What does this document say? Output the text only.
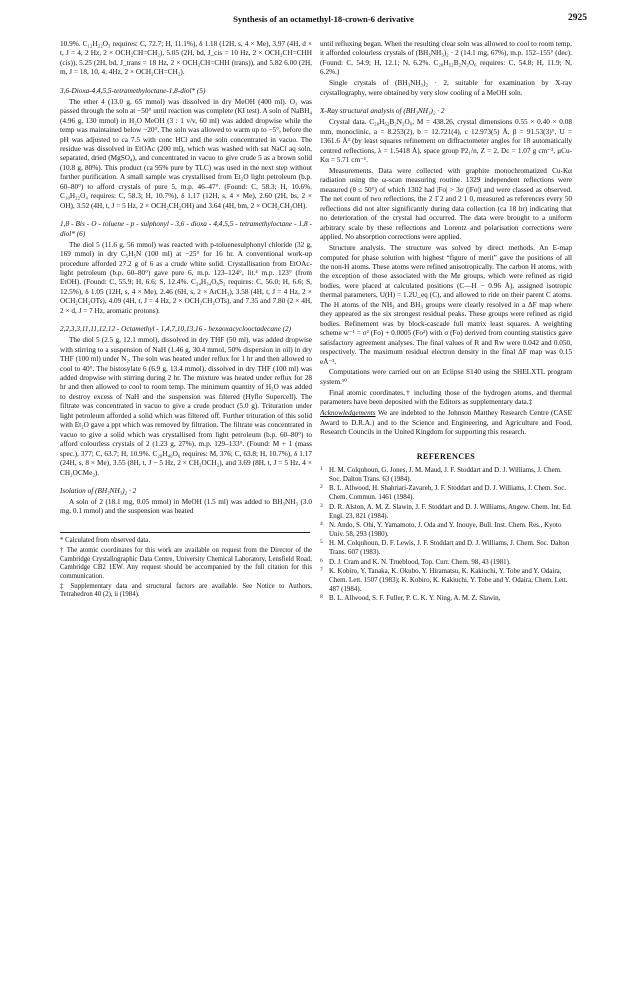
Synthesis of an octamethyl-18-crown-6 derivative	2925

10.9%. C₁₂H₂₂O₃ requires: C, 72.7; H, 11.1%), δ 1.18 (12H, s, 4 × Me), 3.97 (4H, d × t, J = 4, 2 Hz, 2 × OCH₂CH=CH₂), 5.05 (2H, bd, J_cis = 10 Hz, 2 × OCH₂CH=CHH (cis)), 5.25 (2H, bd, J_trans = 18 Hz, 2 × OCH₂CH=CHH (trans)), and 5.82 6.00 (2H, m, J = 18, 10, 4, 4Hz, 2 × OCH₂CH=CH₂).

3,6-Dioxa-4,4,5,5-tetramethyloctane-1,8-diol* (5)

The ether 4 (13.0 g, 65 mmol) was dissolved in dry MeOH (400 ml). O₃ was passed through the soln at −50° until reaction was complete (KI test). A soln of NaBH₄ (4.96 g, 130 mmol) in H₂O MeOH (3 : 1 v/v, 60 ml) was added dropwise while the temp was maintained below −20°. The soln was allowed to warm up to −5°, before the pH was adjusted to ca 7.5 with conc HCl and the soln concentrated in vacuo. The residue was dissolved in EtOAc (200 ml), which was washed with sat NaCl aq soln, separated, dried (MgSO₄), and concentrated in vacuo to give crude 5 as a brown solid (10.8 g, 80%). This product (ca 95% pure by TLC) was used in the next step without further purification. A small sample was crystallised from Et₂O light petroleum (b.p. 60–80°) to afford crystals of pure 5, m.p. 46–47°. (Found: C, 58.3; H, 10.6%. C₁₀H₂₂O₄ requires: C, 58.3; H, 10.7%), δ 1.17 (12H, s, 4 × Me), 2.60 (2H, bs, 2 × OH), 3.52 (4H, t, J = 5 Hz, 2 × OCH₂CH₂OH) and 3.64 (4H, bm, 2 × OCH₂CH₂OH).

1,8 - Bis - O - toluene - p - sulphonyl - 3,6 - dioxa - 4,4,5,5 - tetramethyloctane - 1,8 - diol* (6)

The diol 5 (11.6 g, 56 mmol) was reacted with p-toluenesulphonyl chloride (32 g, 169 mmol) in dry C₅H₅N (100 ml) at −25° for 16 hr. A conventional work-up procedure afforded 27.2 g of 6 as a crude white solid. Crystallisation from EtOAc-light petroleum (b.p. 60–80°) gave pure 6, m.p. 123–124°, lit.⁴ m.p. 123° (from EtOH). (Found: C, 55.9; H, 6.6; S, 12.4%. C₂₄H₃₄O₈S₂ requires: C, 56.0; H, 6.6; S, 12.5%), δ 1.05 (12H, s, 4 × Me), 2.46 (6H, s, 2 × ArCH₃), 3.58 (4H, t, J = 4 Hz, 2 × OCH₂CH₂OTs), 4.09 (4H, t, J = 4 Hz, 2 × OCH₂CH₂OTs), and 7.35 and 7.80 (2 × 4H, 2 × d, J = 7 Hz, aromatic protons).

2,2,3,3,11,11,12,12 - Octamethyl - 1,4,7,10,13,16 - hexaoxacyclooctadecane (2)

The diol 5 (2.5 g, 12.1 mmol), dissolved in dry THF (50 ml), was added dropwise with stirring to a suspension of NaH (1.46 g, 30.4 mmol, 50% dispersion in oil) in dry THF (100 ml) under N₂. The soln was heated under reflux for 1 hr and then allowed to cool to 40°. The bistosylate 6 (6.9 g, 13.4 mmol), dissolved in dry THF (100 ml) was added dropwise with stirring during 2 hr. The mixture was heated under reflux for 28 hr and then allowed to cool to room temp. The minimum quantity of H₂O was added to destroy excess of NaH and the suspension was filtered (Hyflo Supercell). The filtrate was concentrated in vacuo to give a crude product (5.0 g). Trituration under light petroleum afforded a solid which was filtered off. Further trituration of this solid with Et₂O gave a ppt which was removed by filtration. The filtrate was concentrated in vacuo to give a solid which was crystallised from light petroleum (b.p. 60–80°) to afford colourless crystals of 2 (1.23 g, 27%), m.p. 129–133°. (Found: M + 1 (mass spec.), 377; C, 63.7; H, 10.9%. C₂₀H₄₀O₆ requires: M, 376; C, 63.8; H, 10.7%), δ 1.17 (24H, s, 8 × Me), 3.55 (8H, t, J − 5 Hz, 2 × CH₂OCH₂), and 3.69 (8H, t, J = 5 Hz, 4 × CH₂OCMe₂).

Isolation of (BH₃NH₃)₂ · 2

A soln of 2 (18.1 mg, 0.05 mmol) in MeOH (1.5 ml) was added to BH₃NH₃ (3.0 mg, 0.1 mmol) and the suspension was heated

* Calculated from observed data.

† The atomic coordinates for this work are available on request from the Director of the Cambridge Crystallographic Data Centre, University Chemical Laboratory, Lensfield Road, Cambridge CB2 1EW. Any request should be accompanied by the full citation for this communication.

‡ Supplementary data and structural factors are available. See Notice to Authors, Tetrahedron 40 (2), ii (1984).

until refluxing began. When the resulting clear soln was allowed to cool to room temp, it afforded colourless crystals of (BH₃NH₃)₂ · 2 (14.1 mg, 67%), m.p. 152–155° (dec). (Found: C, 54.9; H, 12.1; N, 6.2%. C₂₀H₅₂B₂N₂O₆ requires: C, 54.8; H, 11.9; N, 6.2%.)

Single crystals of (BH₃NH₃)₂ · 2, suitable for examination by X-ray crystallography, were obtained by very slow cooling of a MeOH soln.

X-Ray structural analysis of (BH₃NH₃)₂ · 2

Crystal data. C₂₀H₅₂B₂N₂O₆, M = 438.26, crystal dimensions 0.55 × 0.40 × 0.08 mm, monoclinic, a = 8.253(2), b = 12.721(4), c 12.973(5) Å, β = 91.53(3)°, U = 1361.6 Å³ (by least squares refinement on diffractometer angles for 18 automatically centred reflections, λ = 1.5418 Å), space group P2₁/n, Z = 2, Dc = 1.07 g cm⁻³, μCu-Kα = 5.71 cm⁻¹.

Measurements. Data were collected with graphite monochromatized Cu-Kα radiation using the ω-scan measuring routine. 1329 independent reflections were measured (θ ≤ 50°) of which 1302 had |Fo| > 3σ (|Fo|) and were classed as observed. The net count of two reflections, the 2 1̄ 2 and 2 1 0, measured as references every 50 reflections did not alter significantly during data collection (ca 18 hr) indicating that no deterioration of the crystal had occurred. The data were brought to a uniform arbitrary scale by these reflections and Lorentz and polarisation corrections were applied. No absorption corrections were applied.

Structure analysis. The structure was solved by direct methods. An E-map computed for phase solution with highest “figure of merit” gave the positions of all the non-H atoms. These atoms were refined anisotropically. The carbon H atoms, with the exception of those associated with the Me groups, which were refined as rigid bodies, were placed at calculated positions (C—H − 0.96 Å), assigned isotropic thermal parameters, U(H) = 1.2U_eq (C), and allowed to ride on their parent C atoms. The H atoms of the NH₃ and BH₃ groups were clearly resolved in a ΔF map where they appeared as the six strongest residual peaks. These groups were refined as rigid bodies. Refinement was by block-cascade full matrix least squares. A weighting scheme w⁻¹ = σ² (Fo) + 0.0005 (Fo²) with σ (Fo) derived from counting statistics gave satisfactory agreement analyses. The final values of R and Rw were 0.042 and 0.050, respectively. The maximum residual electron density in the final ΔF map was 0.15 eÅ⁻³.

Computations were carried out on an Eclipse S140 using the SHELXTL program system.¹⁰

Final atomic coordinates,† including those of the hydrogen atoms, and thermal parameters have been deposited with the Editors as supplementary data.‡

Acknowledgements We are indebted to the Johnson Matthey Research Centre (CASE Award to D.R.A.) and to the Science and Engineering, and Agriculture and Food, Research Councils in the United Kingdom for supporting this research.

REFERENCES
1 H. M. Colquhoun, G. Jones, J. M. Maud, J. F. Stoddart and D. J. Williams, J. Chem. Soc. Dalton Trans. 63 (1984).
2 B. L. Allwood, H. Shahriari-Zavareh, J. F. Stoddart and D. J. Williams, J. Chem. Soc. Chem. Commun. 1461 (1984).
3 D. R. Alston, A. M. Z. Slawin, J. F. Stoddart and D. J. Williams, Angew. Chem. Int. Ed. Engl. 23, 821 (1984).
4 N. Ando, S. Ohi, Y. Yamamoto, J. Oda and Y. Inouye, Bull. Inst. Chem. Res., Kyoto Univ. 58, 293 (1980).
5 H. M. Colquhoun, D. F. Lewis, J. F. Stoddart and D. J. Williams, J. Chem. Soc. Dalton Trans. 607 (1983).
6 D. J. Cram and K. N. Trueblood, Top. Curr. Chem. 98, 43 (1981).
7 K. Kobiro, Y. Tanaka, K. Okubo, Y. Hiramatsu, K. Kakiuchi, Y. Tobe and Y. Odaira, Chem. Lett. 1507 (1983); K. Kobiro, K. Kakiuchi, Y. Tobe and Y. Odaira, Chem. Lett. 487 (1984).
8 B. L. Allwood, S. F. Fuller, P. C. K. Y. Ning, A. M. Z. Slawin,
